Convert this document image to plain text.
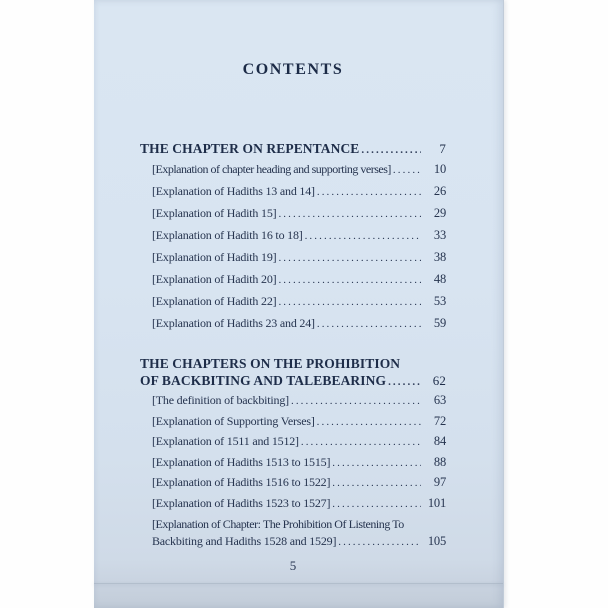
CONTENTS
THE CHAPTER ON REPENTANCE .....	7
[Explanation of chapter heading and supporting verses] .....	10
[Explanation of Hadiths 13 and 14] .....	26
[Explanation of Hadith 15] .....	29
[Explanation of Hadith 16 to 18] .....	33
[Explanation of Hadith 19] .....	38
[Explanation of Hadith 20] .....	48
[Explanation of Hadith 22] .....	53
[Explanation of Hadiths 23 and 24] .....	59
THE CHAPTERS ON THE PROHIBITION
OF BACKBITING AND TALEBEARING .....	62
[The definition of backbiting] .....	63
[Explanation of Supporting Verses] .....	72
[Explanation of 1511 and 1512] .....	84
[Explanation of Hadiths 1513 to 1515] .....	88
[Explanation of Hadiths 1516 to 1522] .....	97
[Explanation of Hadiths 1523 to 1527] .....	101
[Explanation of Chapter: The Prohibition Of Listening To
Backbiting and Hadiths 1528 and 1529] .....	105
5
